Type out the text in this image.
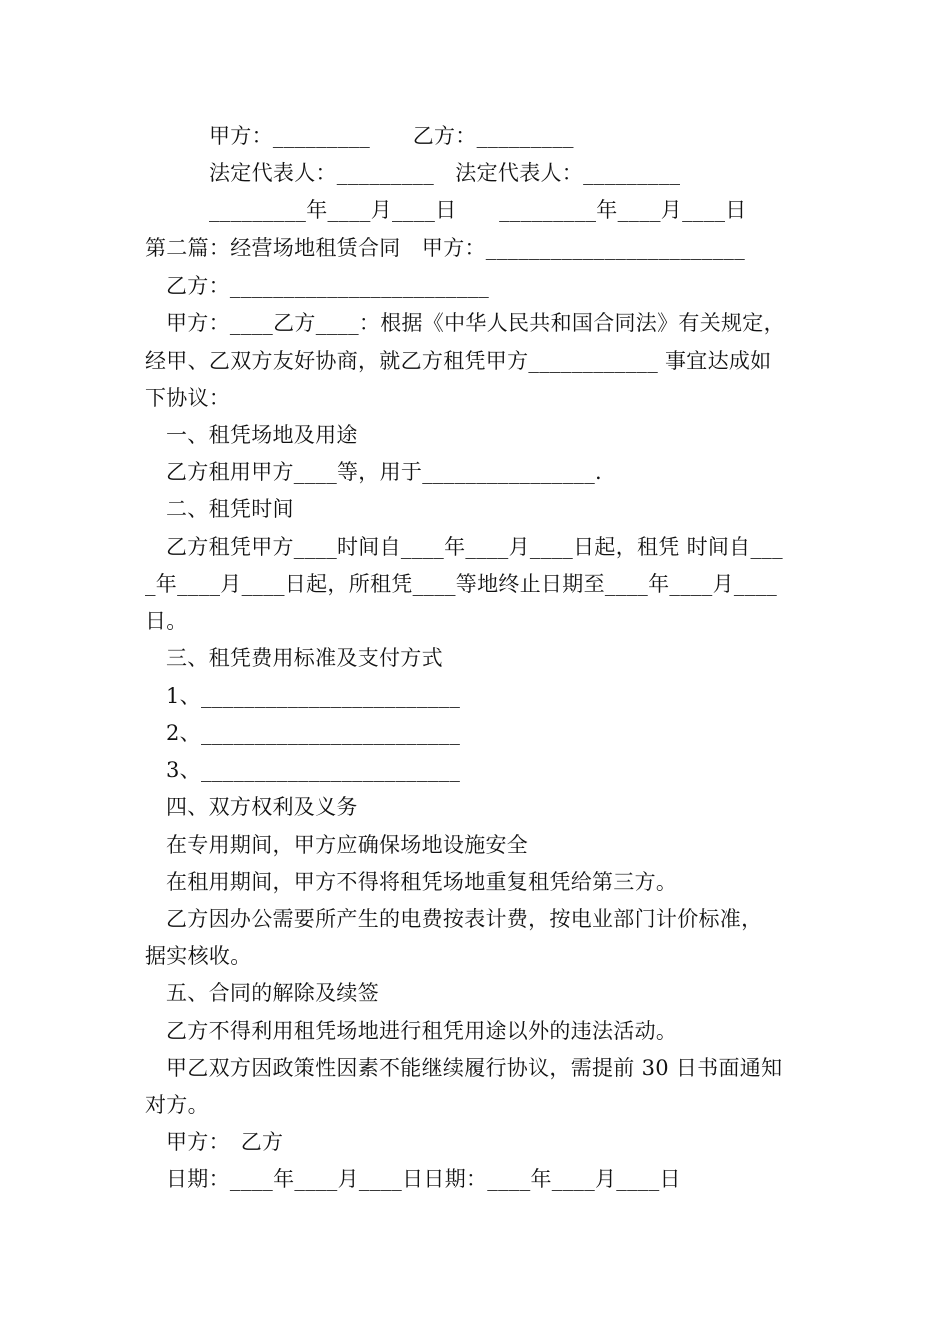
甲方：_________　　乙方：_________
法定代表人：_________　法定代表人：_________
_________年____月____日　　_________年____月____日
第二篇：经营场地租赁合同　甲方：________________________
乙方：________________________
甲方：____乙方____：根据《中华人民共和国合同法》有关规定，
经甲、乙双方友好协商，就乙方租凭甲方____________ 事宜达成如
下协议：
一、租凭场地及用途
乙方租用甲方____等，用于________________.
二、租凭时间
乙方租凭甲方____时间自____年____月____日起，租凭 时间自___
_年____月____日起，所租凭____等地终止日期至____年____月____
日。
三、租凭费用标准及支付方式
1、________________________
2、________________________
3、________________________
四、双方权利及义务
在专用期间，甲方应确保场地设施安全
在租用期间，甲方不得将租凭场地重复租凭给第三方。
乙方因办公需要所产生的电费按表计费，按电业部门计价标准，
据实核收。
五、合同的解除及续签
乙方不得利用租凭场地进行租凭用途以外的违法活动。
甲乙双方因政策性因素不能继续履行协议，需提前 30 日书面通知
对方。
甲方：　乙方
日期：____年____月____日日期：____年____月____日
